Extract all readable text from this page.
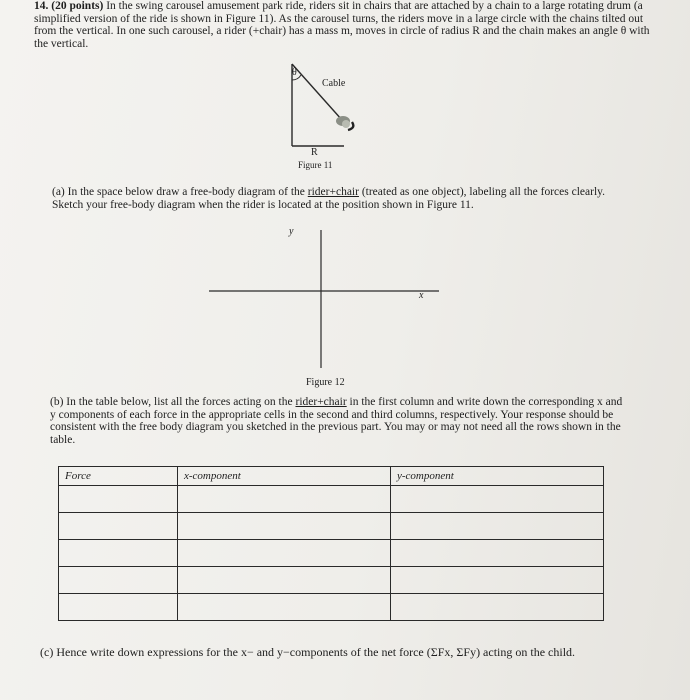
14. (20 points) In the swing carousel amusement park ride, riders sit in chairs that are attached by a chain to a large rotating drum (a simplified version of the ride is shown in Figure 11). As the carousel turns, the riders move in a large circle with the chains tilted out from the vertical. In one such carousel, a rider (+chair) has a mass m, moves in circle of radius R and the chain makes an angle θ with the vertical.
θ
Cable
R
Figure 11
(a) In the space below draw a free-body diagram of the rider+chair (treated as one object), labeling all the forces clearly. Sketch your free-body diagram when the rider is located at the position shown in Figure 11.
y
x
Figure 12
(b) In the table below, list all the forces acting on the rider+chair in the first column and write down the corresponding x and y components of each force in the appropriate cells in the second and third columns, respectively. Your response should be consistent with the free body diagram you sketched in the previous part. You may or may not need all the rows shown in the table.
Force	x-component	y-component

(c) Hence write down expressions for the x− and y−components of the net force (ΣFx, ΣFy) acting on the child.
